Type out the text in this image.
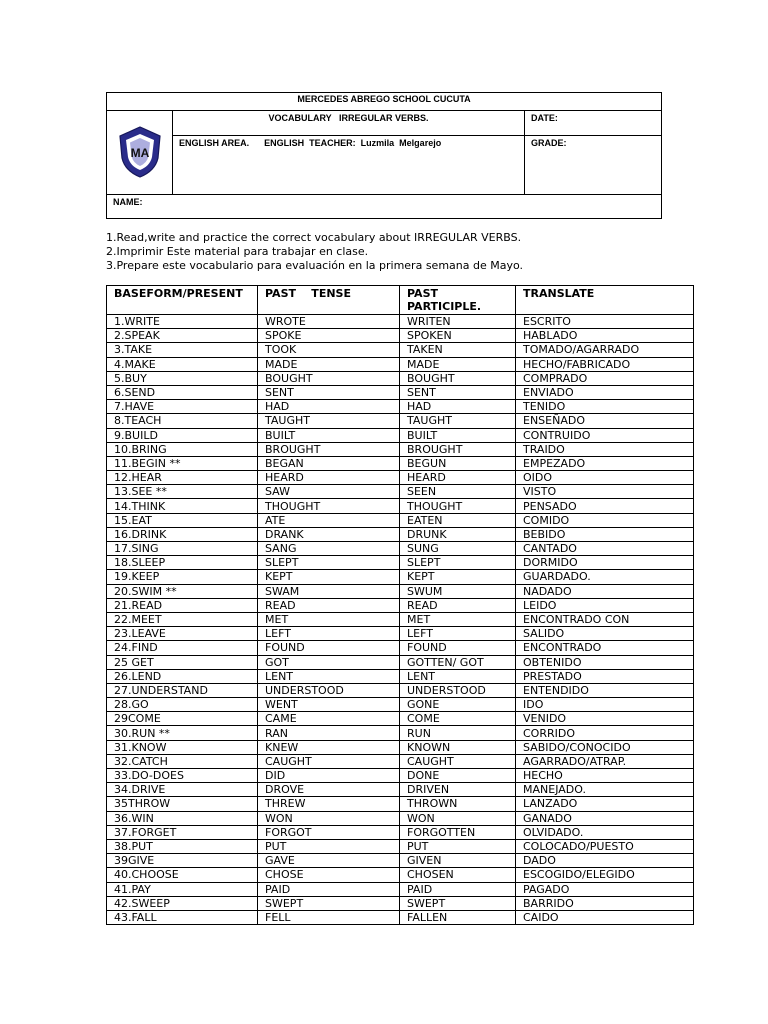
MERCEDES ABREGO SCHOOL CUCUTA		

MA	VOCABULARY   IRREGULAR VERBS.	DATE:
	ENGLISH AREA.      ENGLISH  TEACHER:  Luzmila  Melgarejo	GRADE:
NAME:		
1.Read,write and practice the correct vocabulary about IRREGULAR VERBS.
2.Imprimir Este material para trabajar en clase.
3.Prepare este vocabulario para evaluación en la primera semana de Mayo.
BASEFORM/PRESENT	PAST    TENSE	PAST PARTICIPLE.	TRANSLATE
1.WRITE	WROTE	WRITEN	ESCRITO
2.SPEAK	SPOKE	SPOKEN	HABLADO
3.TAKE	TOOK	TAKEN	TOMADO/AGARRADO
4.MAKE	MADE	MADE	HECHO/FABRICADO
5.BUY	BOUGHT	BOUGHT	COMPRADO
6.SEND	SENT	SENT	ENVIADO
7.HAVE	HAD	HAD	TENIDO
8.TEACH	TAUGHT	TAUGHT	ENSEÑADO
9.BUILD	BUILT	BUILT	CONTRUIDO
10.BRING	BROUGHT	BROUGHT	TRAIDO
11.BEGIN **	BEGAN	BEGUN	EMPEZADO
12.HEAR	HEARD	HEARD	OIDO
13.SEE **	SAW	SEEN	VISTO
14.THINK	THOUGHT	THOUGHT	PENSADO
15.EAT	ATE	EATEN	COMIDO
16.DRINK	DRANK	DRUNK	BEBIDO
17.SING	SANG	SUNG	CANTADO
18.SLEEP	SLEPT	SLEPT	DORMIDO
19.KEEP	KEPT	KEPT	GUARDADO.
20.SWIM **	SWAM	SWUM	NADADO
21.READ	READ	READ	LEIDO
22.MEET	MET	MET	ENCONTRADO CON
23.LEAVE	LEFT	LEFT	SALIDO
24.FIND	FOUND	FOUND	ENCONTRADO
25 GET	GOT	GOTTEN/ GOT	OBTENIDO
26.LEND	LENT	LENT	PRESTADO
27.UNDERSTAND	UNDERSTOOD	UNDERSTOOD	ENTENDIDO
28.GO	WENT	GONE	IDO
29COME	CAME	COME	VENIDO
30.RUN **	RAN	RUN	CORRIDO
31.KNOW	KNEW	KNOWN	SABIDO/CONOCIDO
32.CATCH	CAUGHT	CAUGHT	AGARRADO/ATRAP.
33.DO-DOES	DID	DONE	HECHO
34.DRIVE	DROVE	DRIVEN	MANEJADO.
35THROW	THREW	THROWN	LANZADO
36.WIN	WON	WON	GANADO
37.FORGET	FORGOT	FORGOTTEN	OLVIDADO.
38.PUT	PUT	PUT	COLOCADO/PUESTO
39GIVE	GAVE	GIVEN	DADO
40.CHOOSE	CHOSE	CHOSEN	ESCOGIDO/ELEGIDO
41.PAY	PAID	PAID	PAGADO
42.SWEEP	SWEPT	SWEPT	BARRIDO
43.FALL	FELL	FALLEN	CAIDO
